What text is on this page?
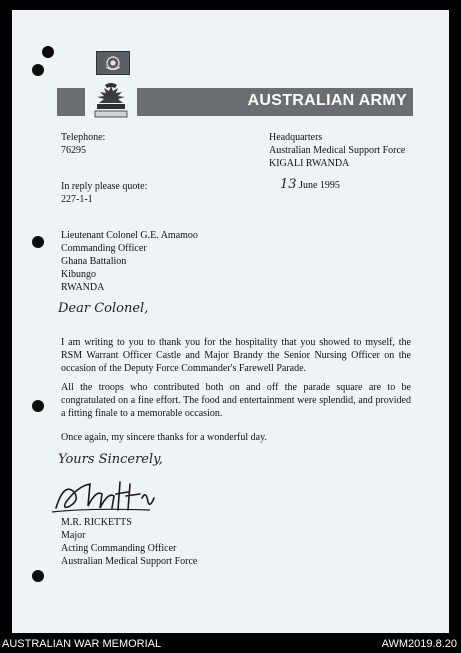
AUSTRALIAN ARMY
Telephone:
76295
Headquarters
Australian Medical Support Force
KIGALI RWANDA
In reply please quote:
227-1-1
13 June 1995
Lieutenant Colonel G.E. Amamoo
Commanding Officer
Ghana Battalion
Kibungo
RWANDA
Dear Colonel,
I am writing to you to thank you for the hospitality that you showed to myself, the RSM Warrant Officer Castle and Major Brandy the Senior Nursing Officer on the occasion of the Deputy Force Commander's Farewell Parade.
All the troops who contributed both on and off the parade square are to be congratulated on a fine effort. The food and entertainment were splendid, and provided a fitting finale to a memorable occasion.
Once again, my sincere thanks for a wonderful day.
Yours Sincerely,
M.R. RICKETTS
Major
Acting Commanding Officer
Australian Medical Support Force
AUSTRALIAN WAR MEMORIAL	AWM2019.8.20
